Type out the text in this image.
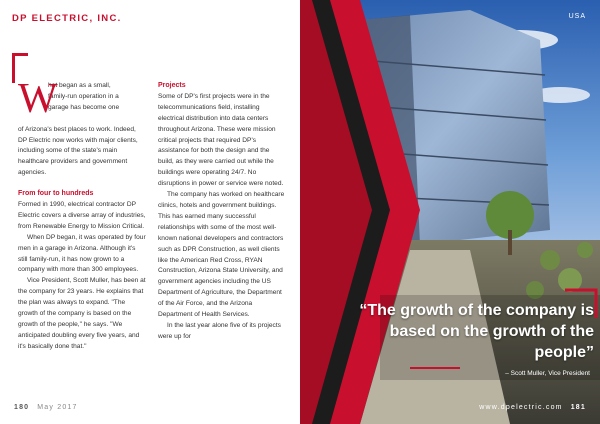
DP ELECTRIC, INC.
W

hat began as a small,

family-run operation in a

garage has become one

of Arizona's best places to work. Indeed, DP Electric now works with major clients, including some of the state's main healthcare providers and government agencies.

From four to hundreds

Formed in 1990, electrical contractor DP Electric covers a diverse array of industries, from Renewable Energy to Mission Critical.

When DP began, it was operated by four men in a garage in Arizona. Although it's still family-run, it has now grown to a company with more than 300 employees.

Vice President, Scott Muller, has been at the company for 23 years. He explains that the plan was always to expand. "The growth of the company is based on the growth of the people," he says. "We anticipated doubling every five years, and it's basically done that."

Projects

Some of DP's first projects were in the telecommunications field, installing electrical distribution into data centers throughout Arizona. These were mission critical projects that required DP's assistance for both the design and the build, as they were carried out while the buildings were operating 24/7. No disruptions in power or service were noted.

The company has worked on healthcare clinics, hotels and government buildings. This has earned many successful relationships with some of the most well-known national developers and contractors such as DPR Construction, as well clients like the American Red Cross, RYAN Construction, Arizona State University, and government agencies including the US Department of Agriculture, the Department of the Air Force, and the Arizona Department of Health Services.

In the last year alone five of its projects were up for

180 May 2017
USA
“The growth of the company is based on the growth of the people”
– Scott Muller, Vice President
www.dpelectric.com 181
